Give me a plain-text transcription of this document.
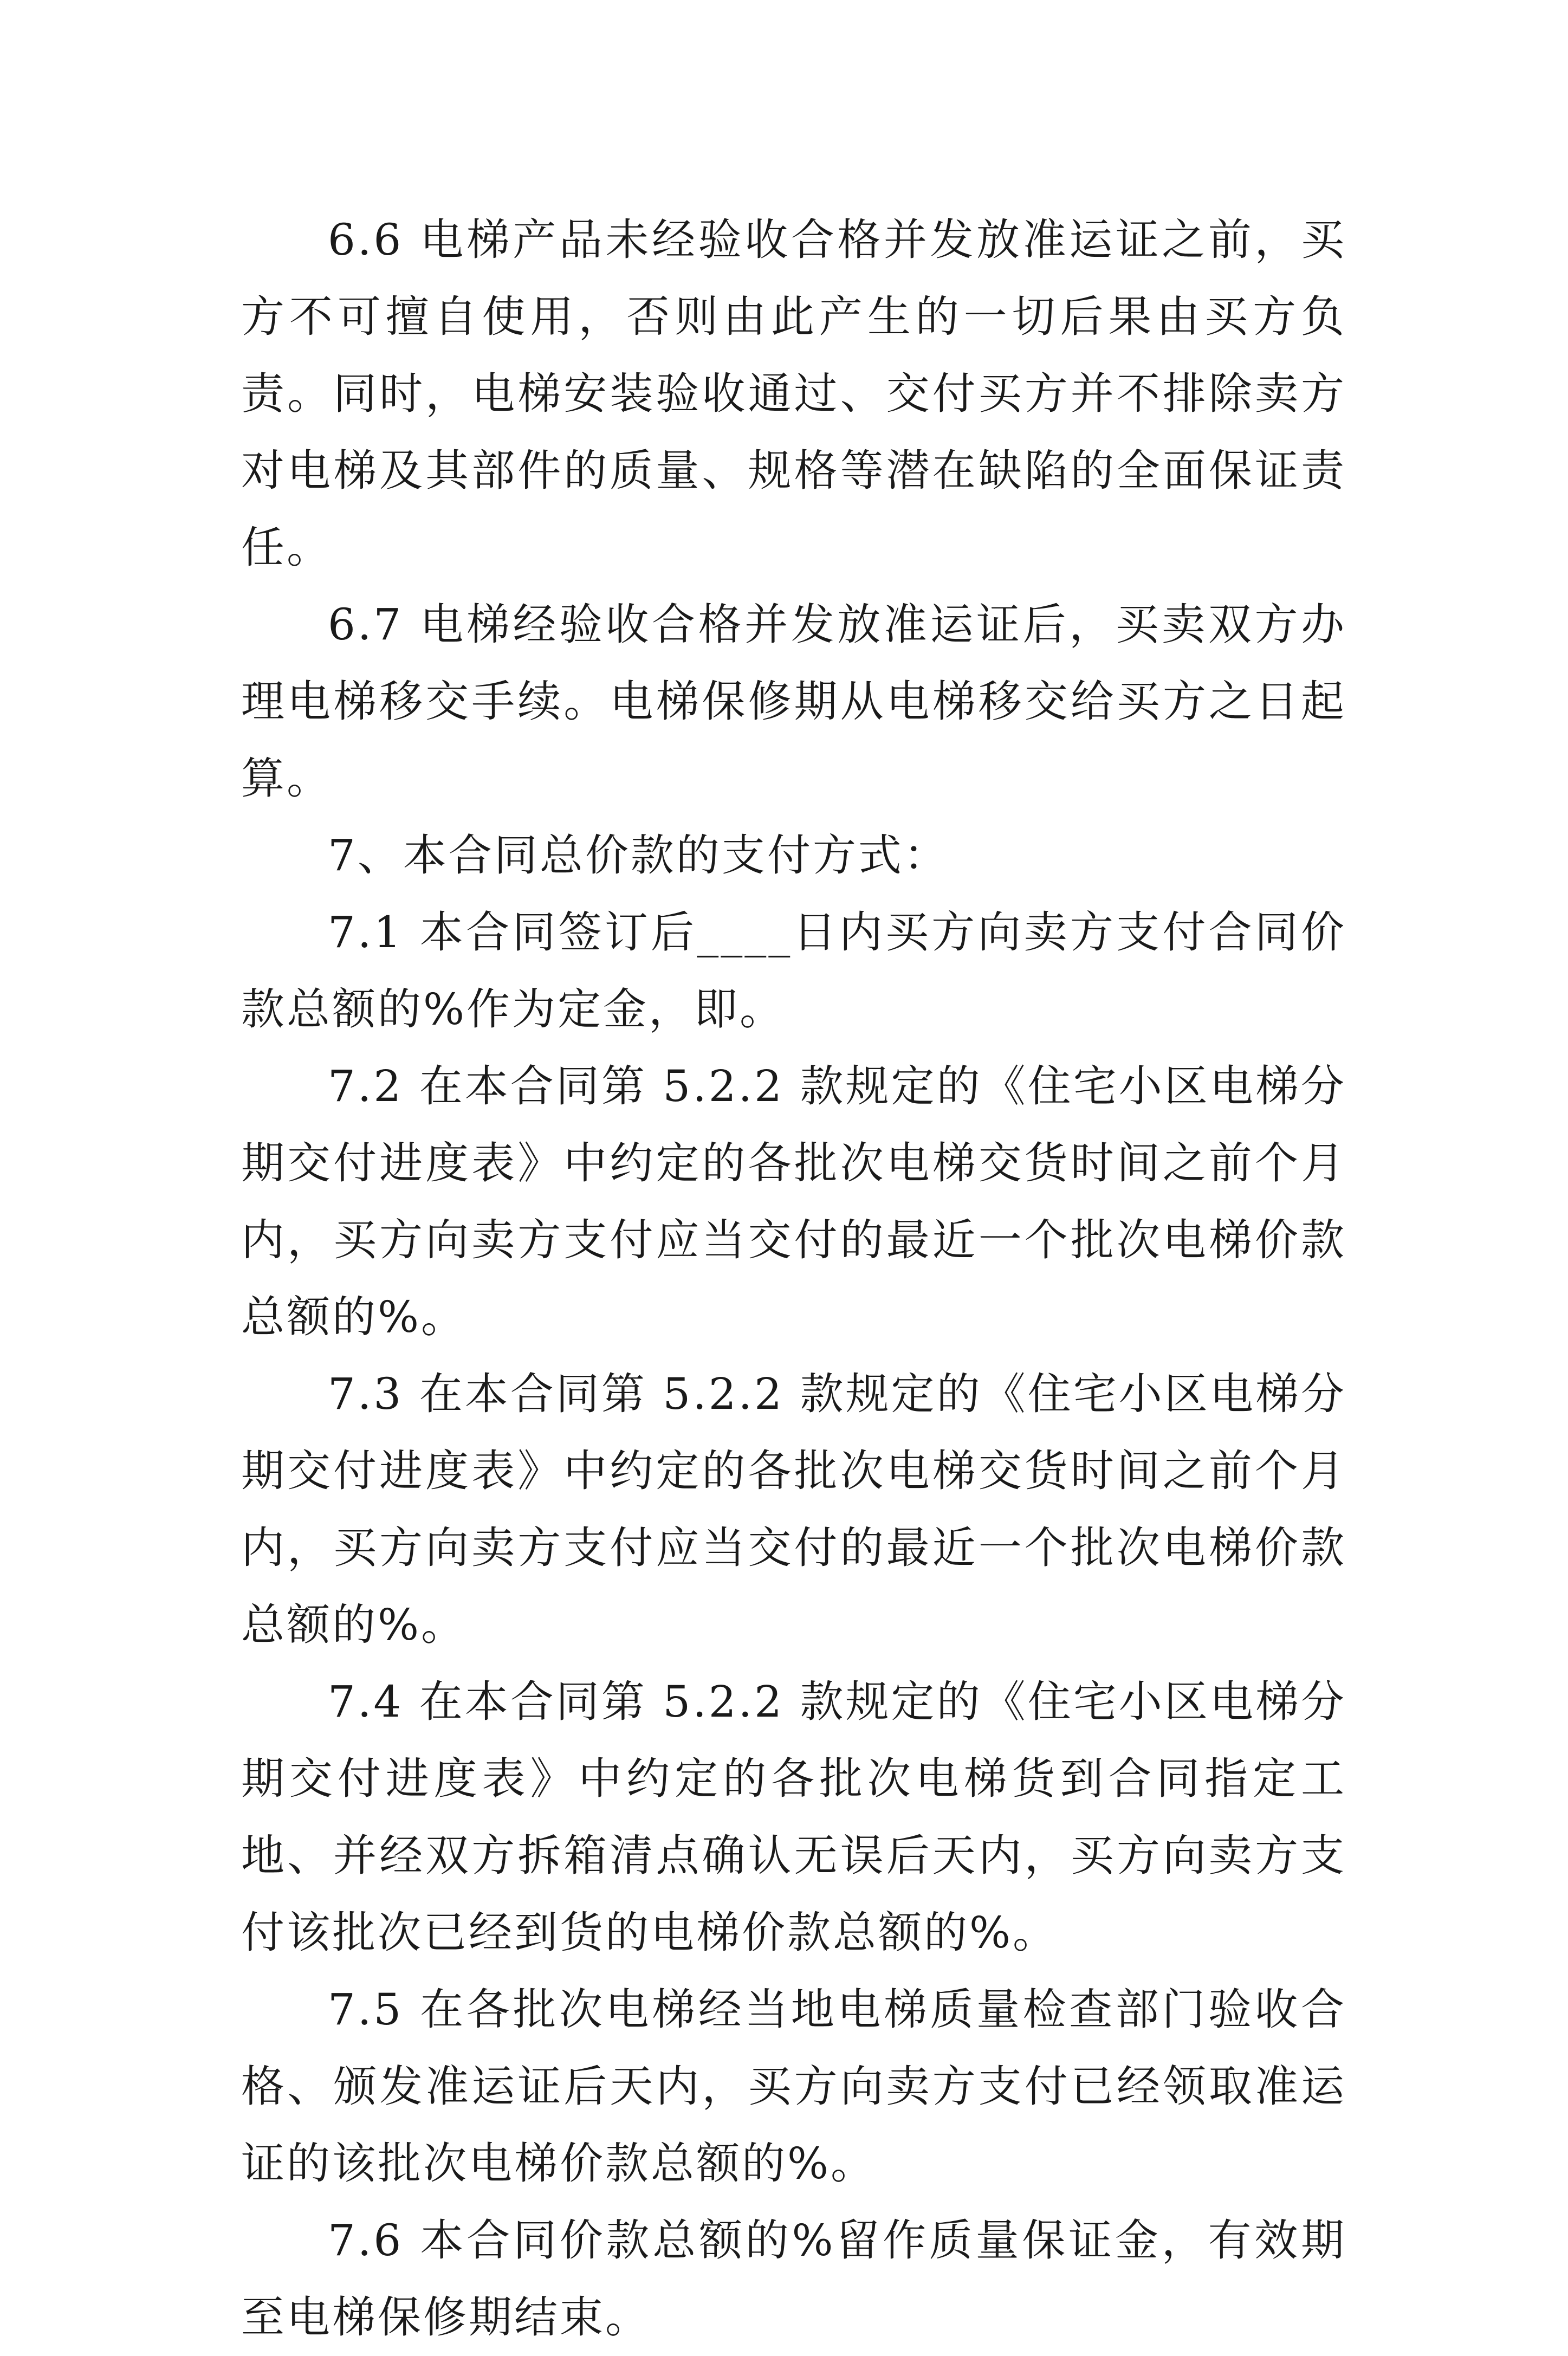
6.6 电梯产品未经验收合格并发放准运证之前，买方不可擅自使用，否则由此产生的一切后果由买方负责。同时，电梯安装验收通过、交付买方并不排除卖方对电梯及其部件的质量、规格等潜在缺陷的全面保证责任。

6.7 电梯经验收合格并发放准运证后，买卖双方办理电梯移交手续。电梯保修期从电梯移交给买方之日起算。

7、本合同总价款的支付方式：

7.1 本合同签订后____日内买方向卖方支付合同价款总额的%作为定金，即。

7.2 在本合同第 5.2.2 款规定的《住宅小区电梯分期交付进度表》中约定的各批次电梯交货时间之前个月内，买方向卖方支付应当交付的最近一个批次电梯价款总额的%。

7.3 在本合同第 5.2.2 款规定的《住宅小区电梯分期交付进度表》中约定的各批次电梯交货时间之前个月内，买方向卖方支付应当交付的最近一个批次电梯价款总额的%。

7.4 在本合同第 5.2.2 款规定的《住宅小区电梯分期交付进度表》中约定的各批次电梯货到合同指定工地、并经双方拆箱清点确认无误后天内，买方向卖方支付该批次已经到货的电梯价款总额的%。

7.5 在各批次电梯经当地电梯质量检查部门验收合格、颁发准运证后天内，买方向卖方支付已经领取准运证的该批次电梯价款总额的%。

7.6 本合同价款总额的%留作质量保证金，有效期至电梯保修期结束。
